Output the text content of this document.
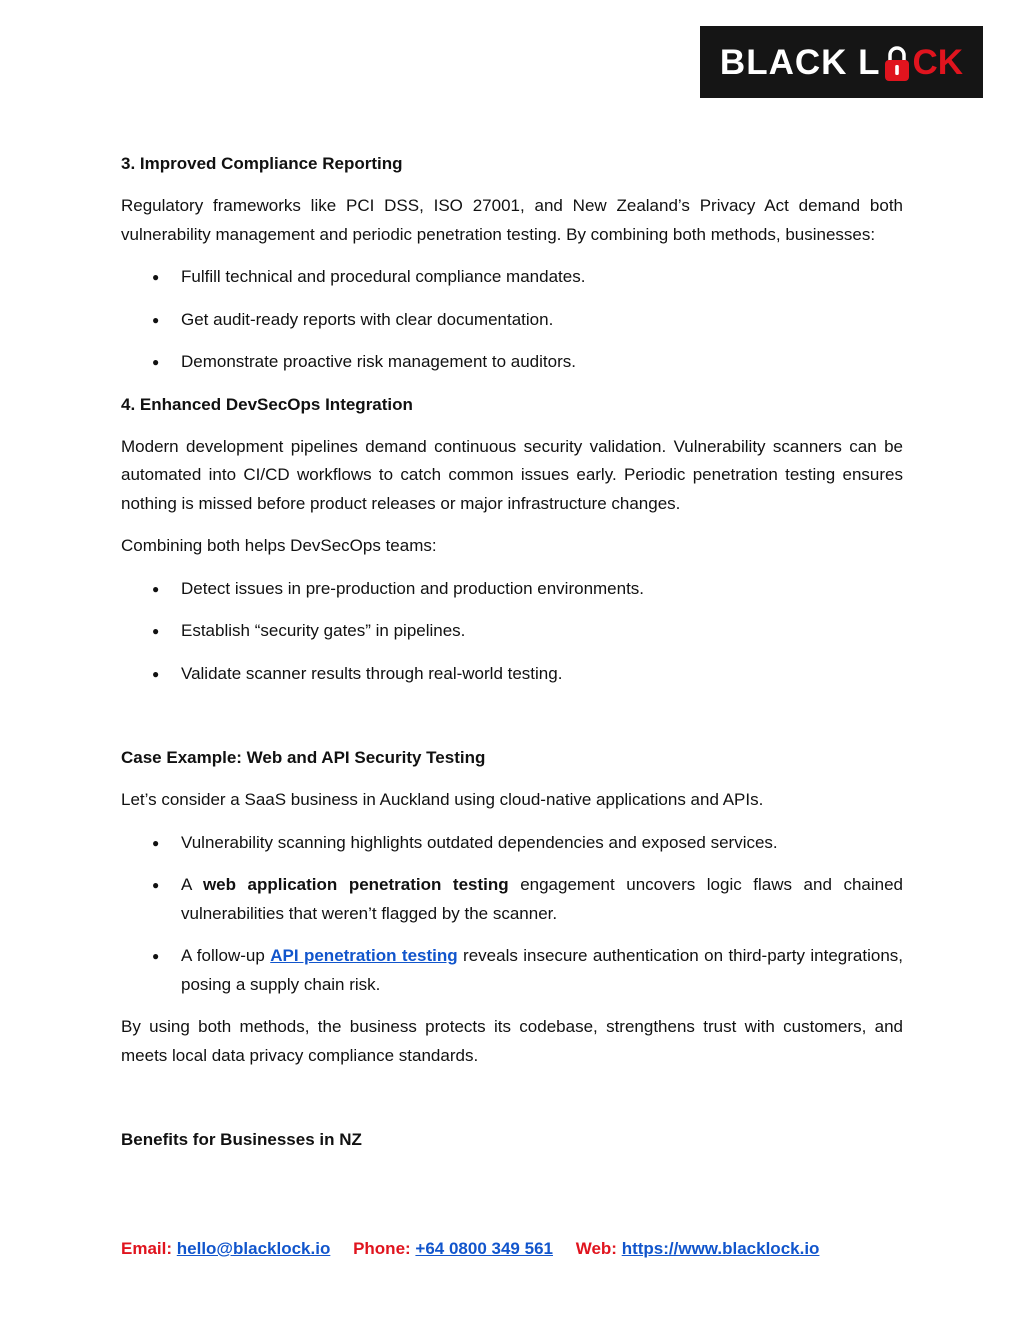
BLACK L CK
3. Improved Compliance Reporting

Regulatory frameworks like PCI DSS, ISO 27001, and New Zealand’s Privacy Act demand both vulnerability management and periodic penetration testing. By combining both methods, businesses:

● Fulfill technical and procedural compliance mandates.
● Get audit-ready reports with clear documentation.
● Demonstrate proactive risk management to auditors.
4. Enhanced DevSecOps Integration

Modern development pipelines demand continuous security validation. Vulnerability scanners can be automated into CI/CD workflows to catch common issues early. Periodic penetration testing ensures nothing is missed before product releases or major infrastructure changes.

Combining both helps DevSecOps teams:

● Detect issues in pre-production and production environments.
● Establish “security gates” in pipelines.
● Validate scanner results through real-world testing.
Case Example: Web and API Security Testing

Let’s consider a SaaS business in Auckland using cloud-native applications and APIs.

● Vulnerability scanning highlights outdated dependencies and exposed services.
● A web application penetration testing engagement uncovers logic flaws and chained vulnerabilities that weren’t flagged by the scanner.
● A follow-up API penetration testing reveals insecure authentication on third-party integrations, posing a supply chain risk.

By using both methods, the business protects its codebase, strengthens trust with customers, and meets local data privacy compliance standards.

Benefits for Businesses in NZ
Email: hello@blacklock.io Phone: +64 0800 349 561 Web: https://www.blacklock.io
